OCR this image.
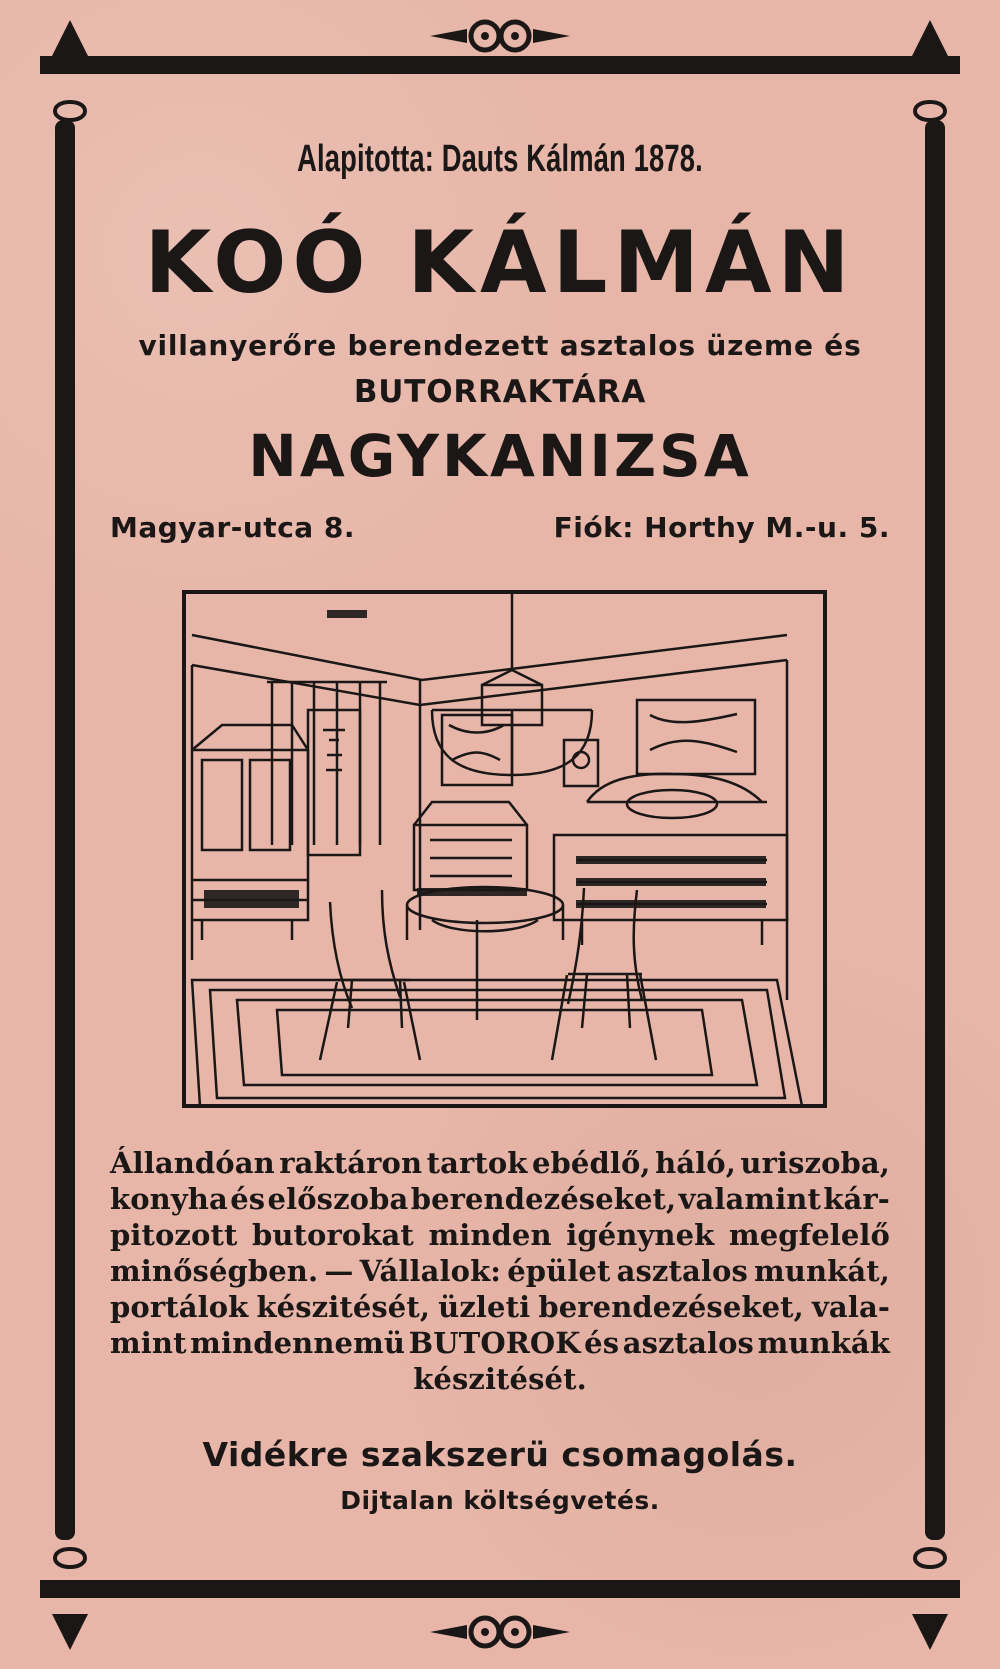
Alapitotta: Dauts Kálmán 1878.
KOÓ KÁLMÁN
villanyerőre berendezett asztalos üzeme és
BUTORRAKTÁRA
NAGYKANIZSA
Magyar-utca 8.	Fiók: Horthy M.-u. 5.
Állandóan raktáron tartok ebédlő, háló, uriszoba,
konyha és előszoba berendezéseket, valamint kár-
pitozott butorokat minden igénynek megfelelő
minőségben. — Vállalok: épület asztalos munkát,
portálok készitését, üzleti berendezéseket, vala-
mint mindennemü BUTOROK és asztalos munkák
készitését.
Vidékre szakszerü csomagolás.
Dijtalan költségvetés.
